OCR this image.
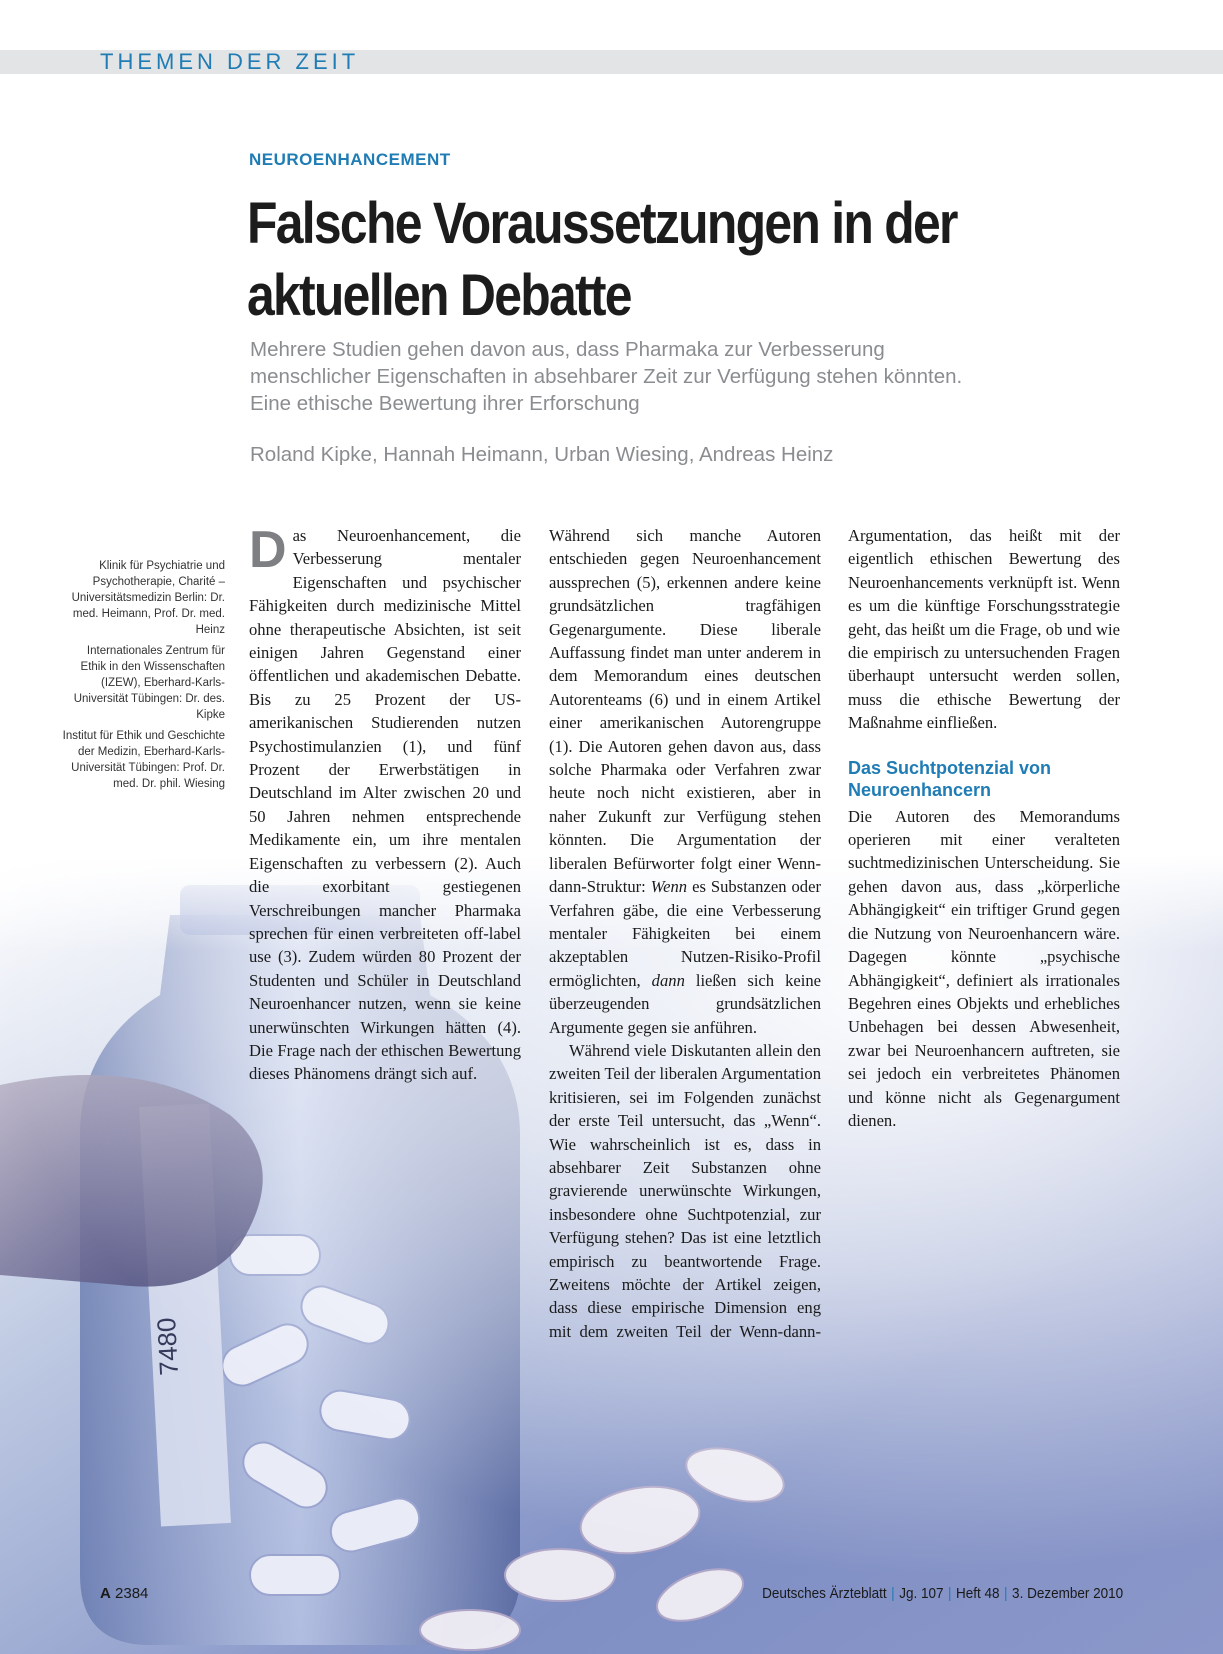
THEMEN DER ZEIT
NEUROENHANCEMENT
Falsche Voraussetzungen in der
aktuellen Debatte

Mehrere Studien gehen davon aus, dass Pharmaka zur Verbesserung
menschlicher Eigenschaften in absehbarer Zeit zur Verfügung stehen könnten.
Eine ethische Bewertung ihrer Erforschung

Roland Kipke, Hannah Heimann, Urban Wiesing, Andreas Heinz

Klinik für Psychiatrie und Psychotherapie, Charité – Universitätsmedizin Berlin: Dr. med. Heimann, Prof. Dr. med. Heinz

Internationales Zentrum für Ethik in den Wissenschaften (IZEW), Eberhard-Karls-Universität Tübingen: Dr. des. Kipke

Institut für Ethik und Geschichte der Medizin, Eberhard-Karls-Universität Tübingen: Prof. Dr. med. Dr. phil. Wiesing

Das Neuroenhancement, die Verbesserung mentaler Eigenschaften und psychischer Fähigkeiten durch medizinische Mittel ohne therapeutische Absichten, ist seit einigen Jahren Gegenstand einer öffentlichen und akademischen Debatte. Bis zu 25 Prozent der US-amerikanischen Studierenden nutzen Psychostimulanzien (1), und fünf Prozent der Erwerbstätigen in Deutschland im Alter zwischen 20 und 50 Jahren nehmen entsprechende Medikamente ein, um ihre mentalen Eigenschaften zu verbessern (2). Auch die exorbitant gestiegenen Verschreibungen mancher Pharmaka sprechen für einen verbreiteten off-label use (3). Zudem würden 80 Prozent der Studenten und Schüler in Deutschland Neuroenhancer nutzen, wenn sie keine unerwünschten Wirkungen hätten (4). Die Frage nach der ethischen Bewertung dieses Phänomens drängt sich auf.

Während sich manche Autoren entschieden gegen Neuroenhancement aussprechen (5), erkennen andere keine grundsätzlichen tragfähigen Gegenargumente. Diese liberale Auffassung findet man unter anderem in dem Memorandum eines deutschen Autorenteams (6) und in einem Artikel einer amerikanischen Autorengruppe (1). Die Autoren gehen davon aus, dass solche Pharmaka oder Verfahren zwar heute noch nicht existieren, aber in naher Zukunft zur Verfügung stehen könnten. Die Argumentation der liberalen Befürworter folgt einer Wenn-dann-Struktur: Wenn es Substanzen oder Verfahren gäbe, die eine Verbesserung mentaler Fähigkeiten bei einem akzeptablen Nutzen-Risiko-Profil ermöglichten, dann ließen sich keine überzeugenden grundsätzlichen Argumente gegen sie anführen.

Während viele Diskutanten allein den zweiten Teil der liberalen Argumentation kritisieren, sei im Folgenden zunächst der erste Teil untersucht, das „Wenn“. Wie wahrscheinlich ist es, dass in absehbarer Zeit Substanzen ohne gravierende unerwünschte Wirkungen, insbesondere ohne Suchtpotenzial, zur Verfügung stehen? Das ist eine letztlich empirisch zu beantwortende Frage. Zweitens möchte der Artikel zeigen, dass diese empirische Dimension eng mit dem zweiten Teil der Wenn-dann-Argumentation, das heißt mit der eigentlich ethischen Bewertung des Neuroenhancements verknüpft ist. Wenn es um die künftige Forschungsstrategie geht, das heißt um die Frage, ob und wie die empirisch zu untersuchenden Fragen überhaupt untersucht werden sollen, muss die ethische Bewertung der Maßnahme einfließen.

Das Suchtpotenzial von Neuroenhancern

Die Autoren des Memorandums operieren mit einer veralteten suchtmedizinischen Unterscheidung. Sie gehen davon aus, dass „körperliche Abhängigkeit“ ein triftiger Grund gegen die Nutzung von Neuroenhancern wäre. Dagegen könnte „psychische Abhängigkeit“, definiert als irrationales Begehren eines Objekts und erhebliches Unbehagen bei dessen Abwesenheit, zwar bei Neuroenhancern auftreten, sie sei jedoch ein verbreitetes Phänomen und könne nicht als Gegenargument dienen.

A 2384	Deutsches Ärzteblatt | Jg. 107 | Heft 48 | 3. Dezember 2010
